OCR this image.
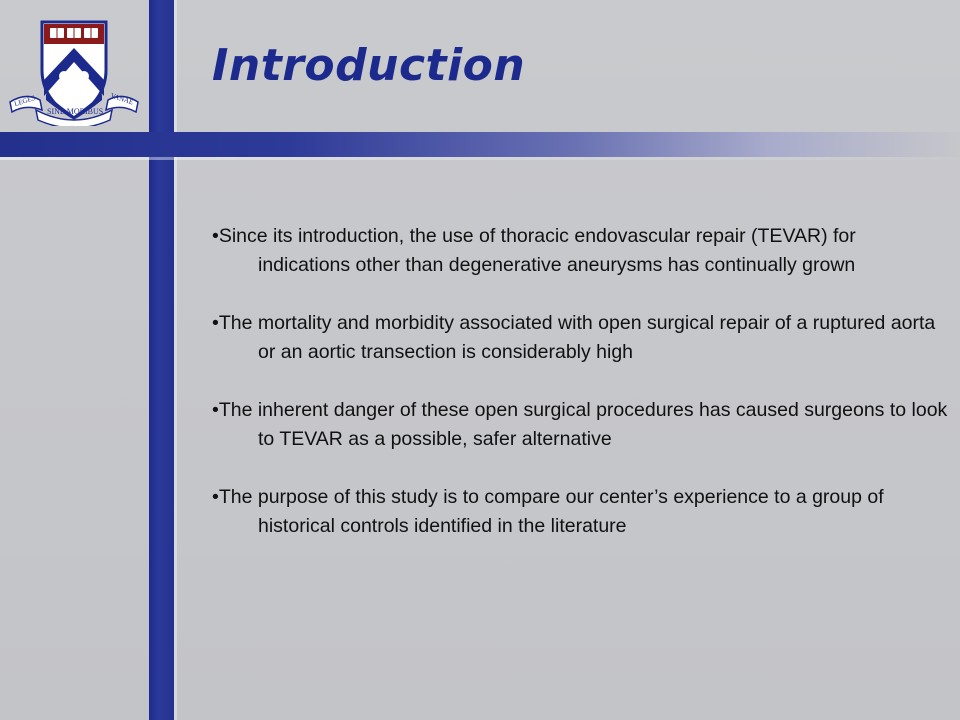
LEGES
SINE MORIBUS
VANAE
Introduction

•Since its introduction, the use of thoracic endovascular repair (TEVAR) for indications other than degenerative aneurysms has continually grown

•The mortality and morbidity associated with open surgical repair of a ruptured aorta or an aortic transection is considerably high

•The inherent danger of these open surgical procedures has caused surgeons to look to TEVAR as a possible, safer alternative

•The purpose of this study is to compare our center’s experience to a group of historical controls identified in the literature
